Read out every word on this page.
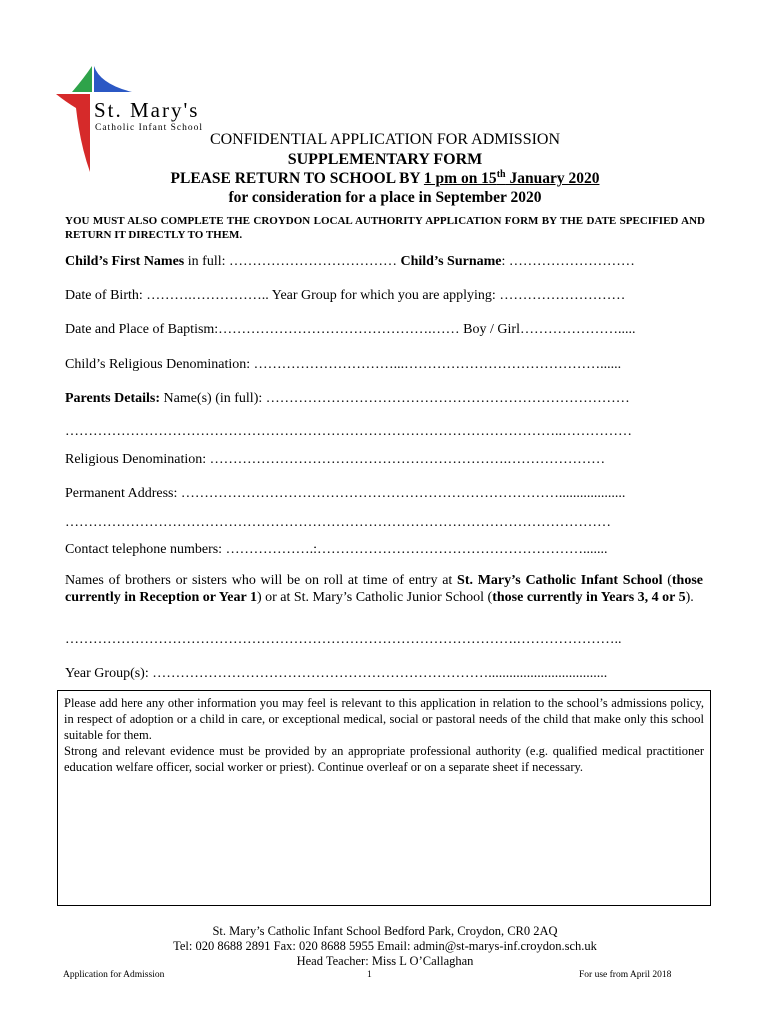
St. Mary's
Catholic Infant School
CONFIDENTIAL APPLICATION FOR ADMISSION
SUPPLEMENTARY FORM
PLEASE RETURN TO SCHOOL BY 1 pm on 15th January 2020
for consideration for a place in September 2020
YOU MUST ALSO COMPLETE THE CROYDON LOCAL AUTHORITY APPLICATION FORM BY THE DATE SPECIFIED AND RETURN IT DIRECTLY TO THEM.
Child’s First Names in full: ……………………………… Child’s Surname: ………………………
Date of Birth: ……….…………….. Year Group for which you are applying: ………………………
Date and Place of Baptism:……………………………………….…… Boy / Girl………………….....
Child’s Religious Denomination: …………………………...……………………………………......
Parents Details: Name(s) (in full): ……………………………………………………………………
……………………………………………………………………………………………..……………
Religious Denomination: ……………………………………………………….…………………
Permanent Address: ………………………………………………………………………...................
………………………………………………………………………………………………………
Contact telephone numbers: ……………….:………………………………………………….......
Names of brothers or sisters who will be on roll at time of entry at St. Mary’s Catholic Infant School (those currently in Reception or Year 1) or at St. Mary’s Catholic Junior School (those currently in Years 3, 4 or 5).
…………………………………………………………………………………….…………………..
Year Group(s): ………………………………………………………………..................................

Please add here any other information you may feel is relevant to this application in relation to the school’s admissions policy, in respect of adoption or a child in care, or exceptional medical, social or pastoral needs of the child that make only this school suitable for them.

Strong and relevant evidence must be provided by an appropriate professional authority (e.g. qualified medical practitioner education welfare officer, social worker or priest). Continue overleaf or on a separate sheet if necessary.

St. Mary’s Catholic Infant School Bedford Park, Croydon, CR0 2AQ
Tel: 020 8688 2891 Fax: 020 8688 5955 Email: admin@st-marys-inf.croydon.sch.uk
Head Teacher: Miss L O’Callaghan
Application for Admission	1	For use from April 2018
